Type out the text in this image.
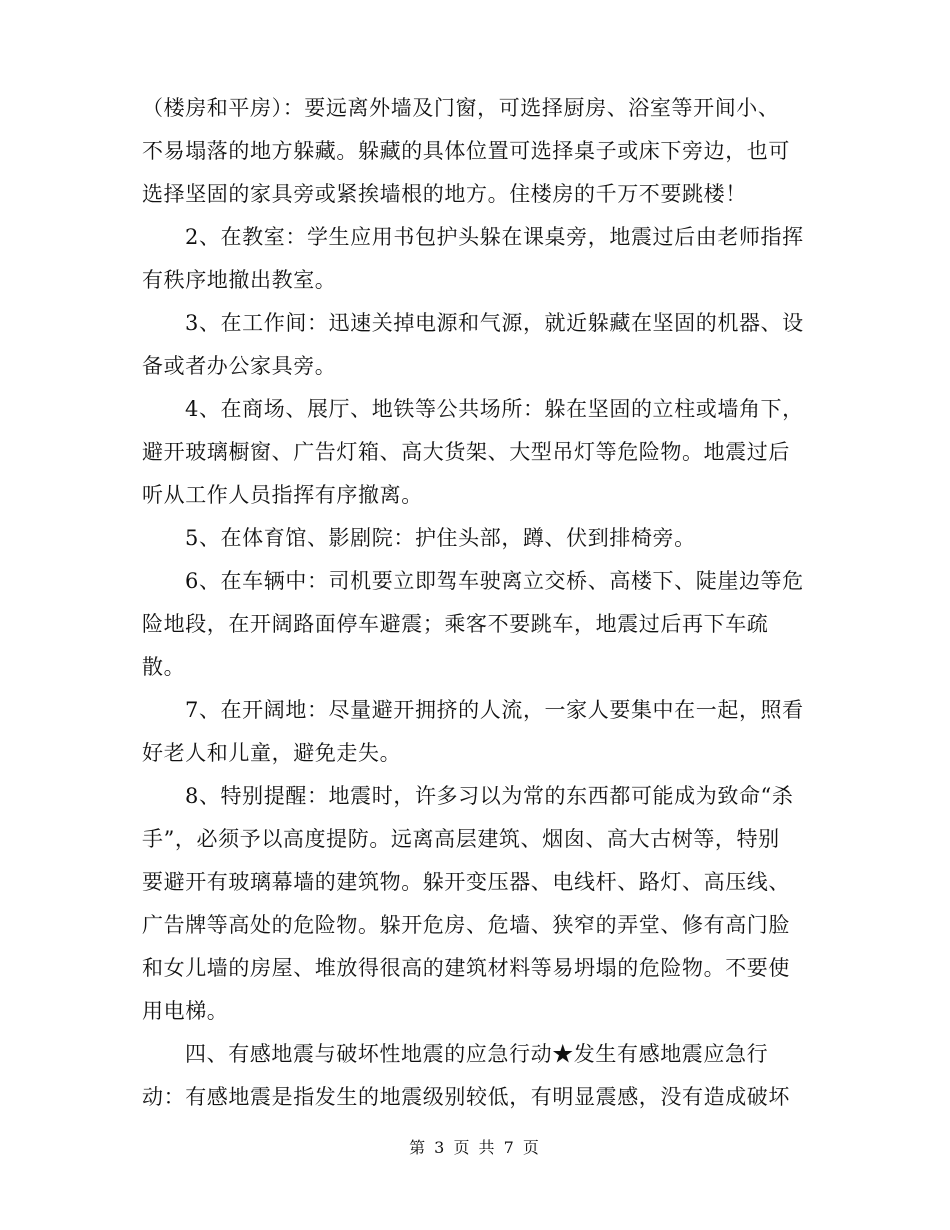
（楼房和平房）：要远离外墙及门窗，可选择厨房、浴室等开间小、
不易塌落的地方躲藏。躲藏的具体位置可选择桌子或床下旁边，也可
选择坚固的家具旁或紧挨墙根的地方。住楼房的千万不要跳楼！
2、在教室：学生应用书包护头躲在课桌旁，地震过后由老师指挥
有秩序地撤出教室。
3、在工作间：迅速关掉电源和气源，就近躲藏在坚固的机器、设
备或者办公家具旁。
4、在商场、展厅、地铁等公共场所：躲在坚固的立柱或墙角下，
避开玻璃橱窗、广告灯箱、高大货架、大型吊灯等危险物。地震过后
听从工作人员指挥有序撤离。
5、在体育馆、影剧院：护住头部，蹲、伏到排椅旁。
6、在车辆中：司机要立即驾车驶离立交桥、高楼下、陡崖边等危
险地段，在开阔路面停车避震；乘客不要跳车，地震过后再下车疏
散。
7、在开阔地：尽量避开拥挤的人流，一家人要集中在一起，照看
好老人和儿童，避免走失。
8、特别提醒：地震时，许多习以为常的东西都可能成为致命“杀
手”，必须予以高度提防。远离高层建筑、烟囱、高大古树等，特别
要避开有玻璃幕墙的建筑物。躲开变压器、电线杆、路灯、高压线、
广告牌等高处的危险物。躲开危房、危墙、狭窄的弄堂、修有高门脸
和女儿墙的房屋、堆放得很高的建筑材料等易坍塌的危险物。不要使
用电梯。
四、有感地震与破坏性地震的应急行动★发生有感地震应急行
动：有感地震是指发生的地震级别较低，有明显震感，没有造成破坏
第 3 页 共 7 页
